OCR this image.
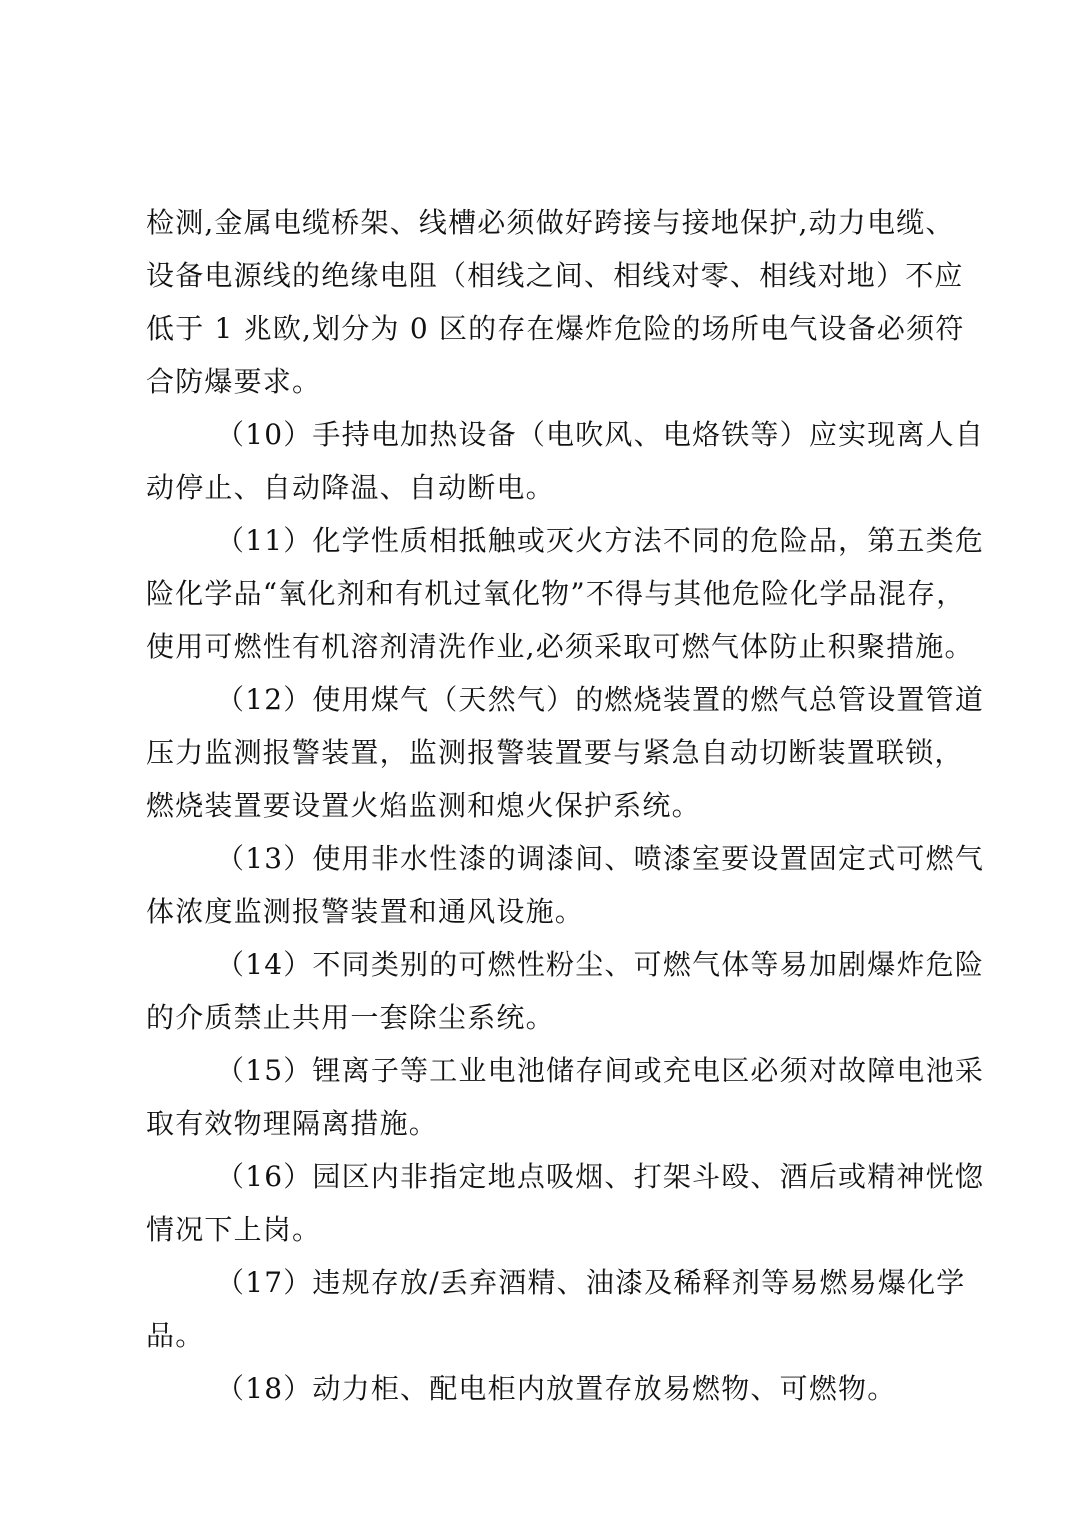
检测,金属电缆桥架、线槽必须做好跨接与接地保护,动力电缆、
设备电源线的绝缘电阻（相线之间、相线对零、相线对地）不应
低于 1 兆欧,划分为 0 区的存在爆炸危险的场所电气设备必须符
合防爆要求。

（10）手持电加热设备（电吹风、电烙铁等）应实现离人自
动停止、自动降温、自动断电。

（11）化学性质相抵触或灭火方法不同的危险品，第五类危
险化学品“氧化剂和有机过氧化物”不得与其他危险化学品混存，
使用可燃性有机溶剂清洗作业,必须采取可燃气体防止积聚措施。

（12）使用煤气（天然气）的燃烧装置的燃气总管设置管道
压力监测报警装置，监测报警装置要与紧急自动切断装置联锁，
燃烧装置要设置火焰监测和熄火保护系统。

（13）使用非水性漆的调漆间、喷漆室要设置固定式可燃气
体浓度监测报警装置和通风设施。

（14）不同类别的可燃性粉尘、可燃气体等易加剧爆炸危险
的介质禁止共用一套除尘系统。

（15）锂离子等工业电池储存间或充电区必须对故障电池采
取有效物理隔离措施。

（16）园区内非指定地点吸烟、打架斗殴、酒后或精神恍惚
情况下上岗。

（17）违规存放/丢弃酒精、油漆及稀释剂等易燃易爆化学
品。

（18）动力柜、配电柜内放置存放易燃物、可燃物。
